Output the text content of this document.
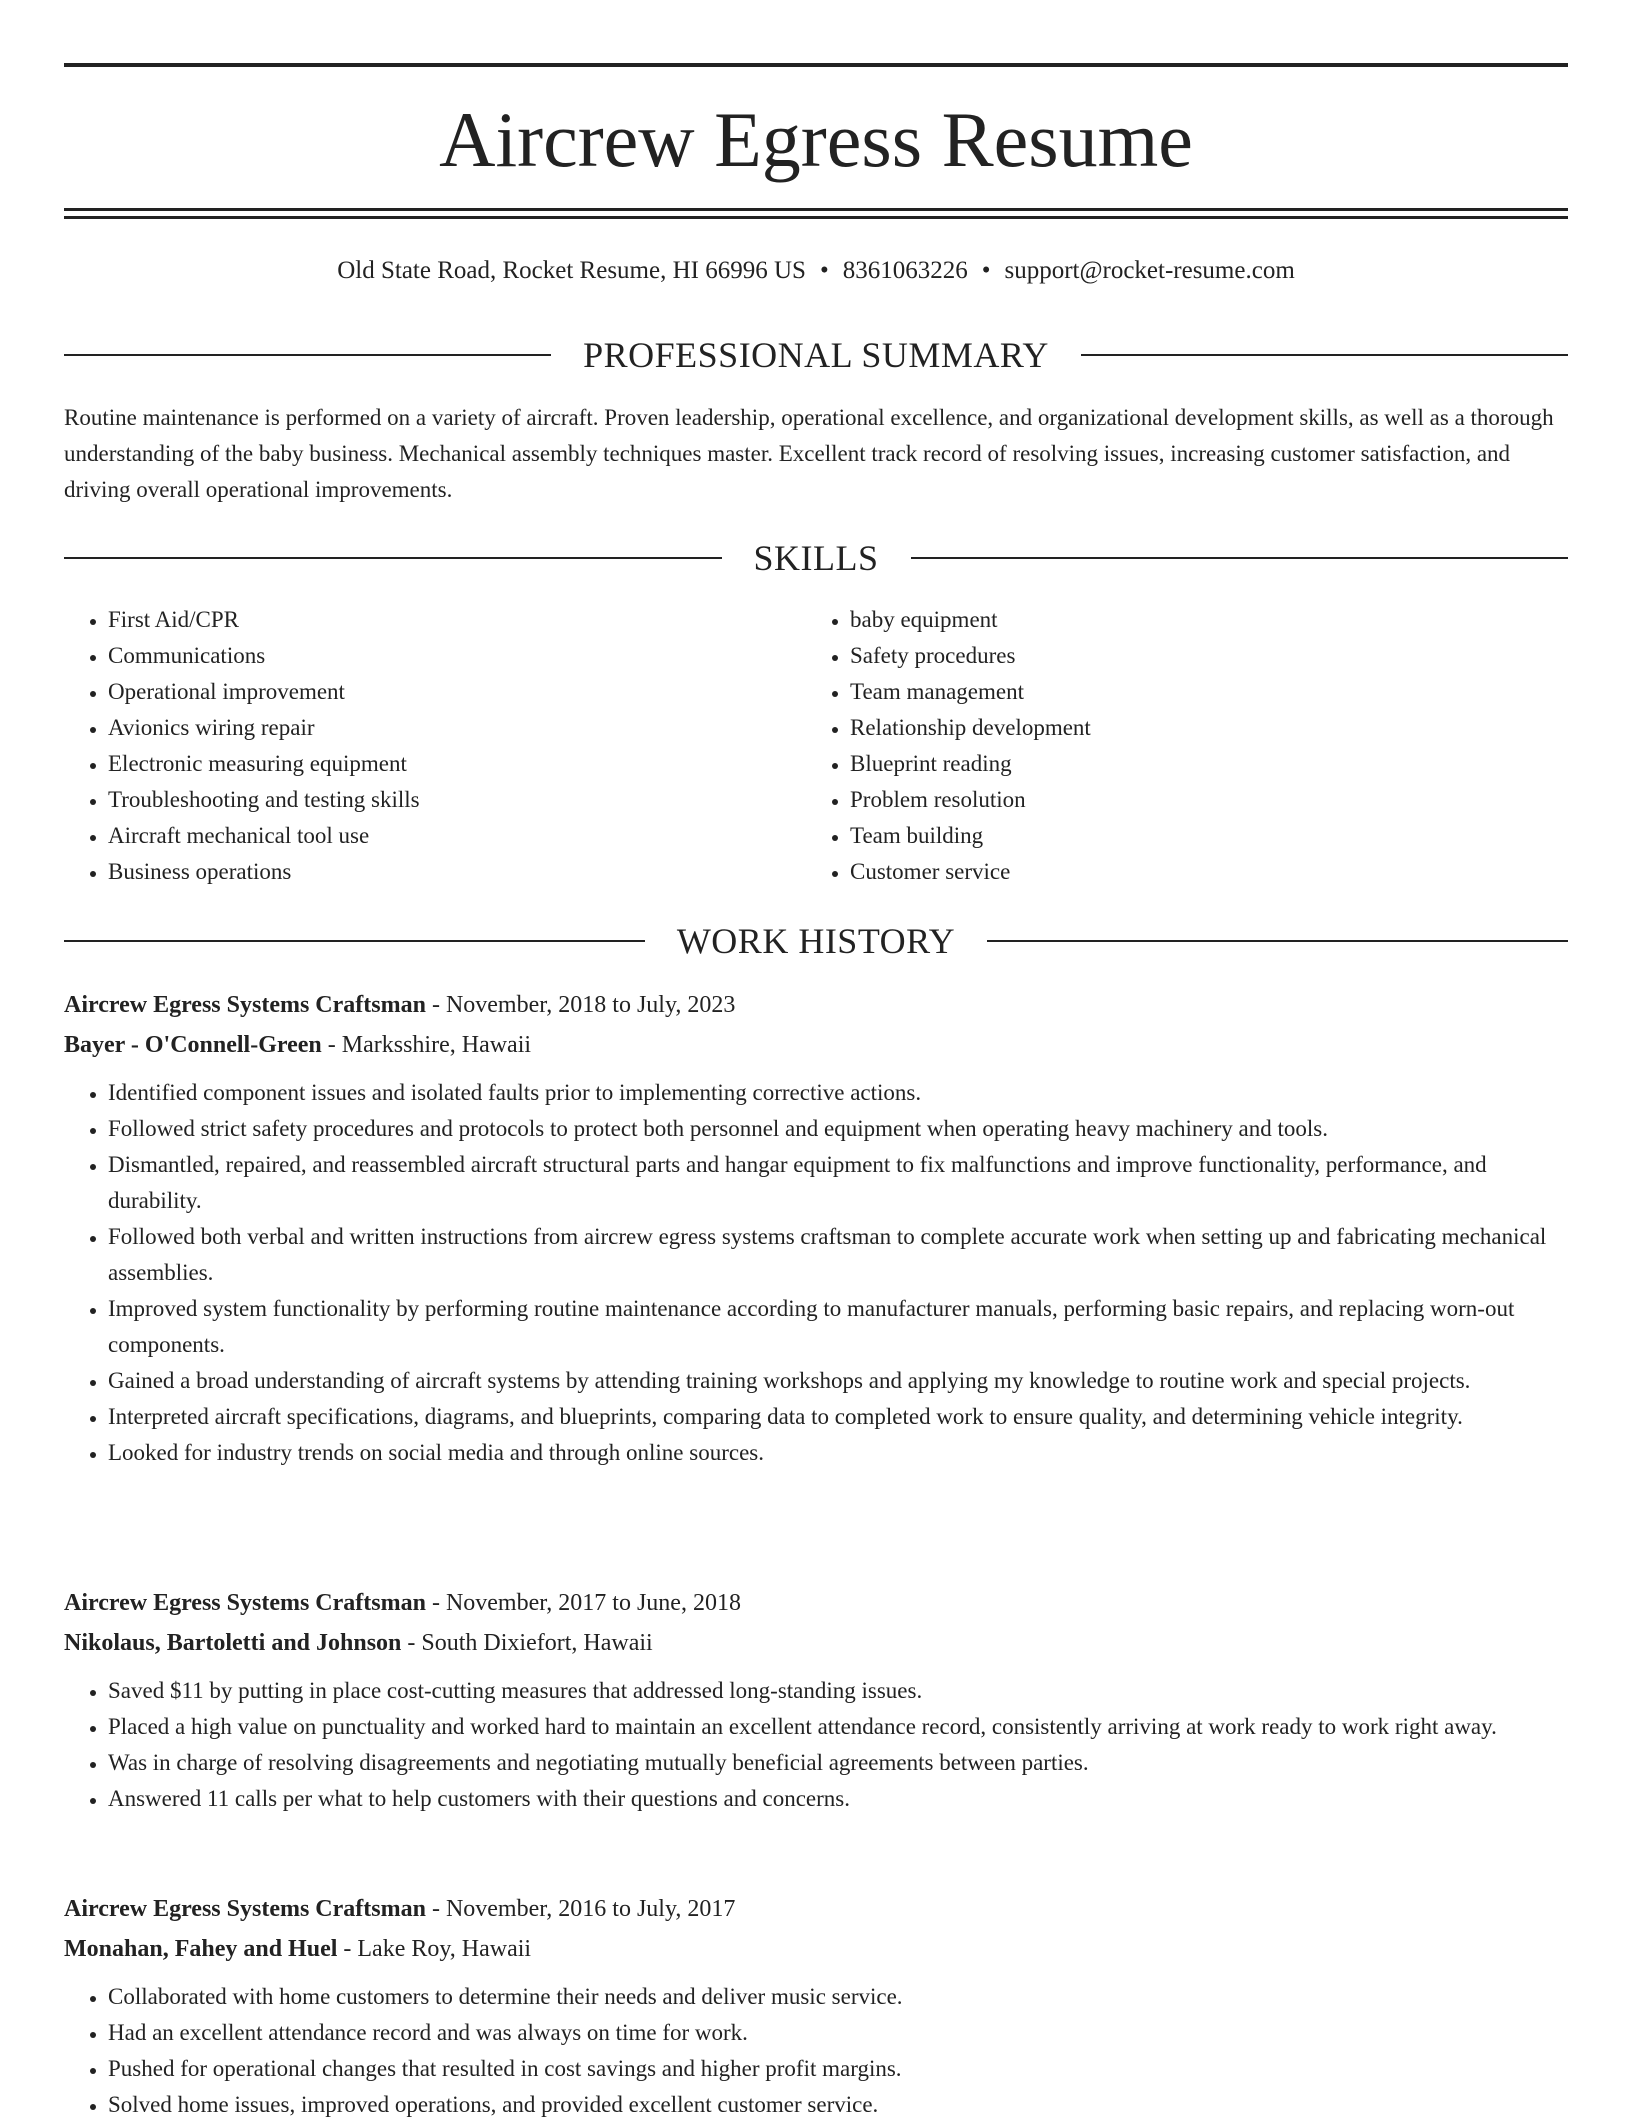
Aircrew Egress Resume
Old State Road, Rocket Resume, HI 66996 US • 8361063226 • support@rocket-resume.com
PROFESSIONAL SUMMARY

Routine maintenance is performed on a variety of aircraft. Proven leadership, operational excellence, and organizational development skills, as well as a thorough understanding of the baby business. Mechanical assembly techniques master. Excellent track record of resolving issues, increasing customer satisfaction, and driving overall operational improvements.

SKILLS
• First Aid/CPR
• Communications
• Operational improvement
• Avionics wiring repair
• Electronic measuring equipment
• Troubleshooting and testing skills
• Aircraft mechanical tool use
• Business operations
• baby equipment
• Safety procedures
• Team management
• Relationship development
• Blueprint reading
• Problem resolution
• Team building
• Customer service
WORK HISTORY
Aircrew Egress Systems Craftsman - November, 2018 to July, 2023
Bayer - O'Connell-Green - Marksshire, Hawaii
• Identified component issues and isolated faults prior to implementing corrective actions.
• Followed strict safety procedures and protocols to protect both personnel and equipment when operating heavy machinery and tools.
• Dismantled, repaired, and reassembled aircraft structural parts and hangar equipment to fix malfunctions and improve functionality, performance, and durability.
• Followed both verbal and written instructions from aircrew egress systems craftsman to complete accurate work when setting up and fabricating mechanical assemblies.
• Improved system functionality by performing routine maintenance according to manufacturer manuals, performing basic repairs, and replacing worn-out components.
• Gained a broad understanding of aircraft systems by attending training workshops and applying my knowledge to routine work and special projects.
• Interpreted aircraft specifications, diagrams, and blueprints, comparing data to completed work to ensure quality, and determining vehicle integrity.
• Looked for industry trends on social media and through online sources.
Aircrew Egress Systems Craftsman - November, 2017 to June, 2018
Nikolaus, Bartoletti and Johnson - South Dixiefort, Hawaii
• Saved $11 by putting in place cost-cutting measures that addressed long-standing issues.
• Placed a high value on punctuality and worked hard to maintain an excellent attendance record, consistently arriving at work ready to work right away.
• Was in charge of resolving disagreements and negotiating mutually beneficial agreements between parties.
• Answered 11 calls per what to help customers with their questions and concerns.
Aircrew Egress Systems Craftsman - November, 2016 to July, 2017
Monahan, Fahey and Huel - Lake Roy, Hawaii
• Collaborated with home customers to determine their needs and deliver music service.
• Had an excellent attendance record and was always on time for work.
• Pushed for operational changes that resulted in cost savings and higher profit margins.
• Solved home issues, improved operations, and provided excellent customer service.
